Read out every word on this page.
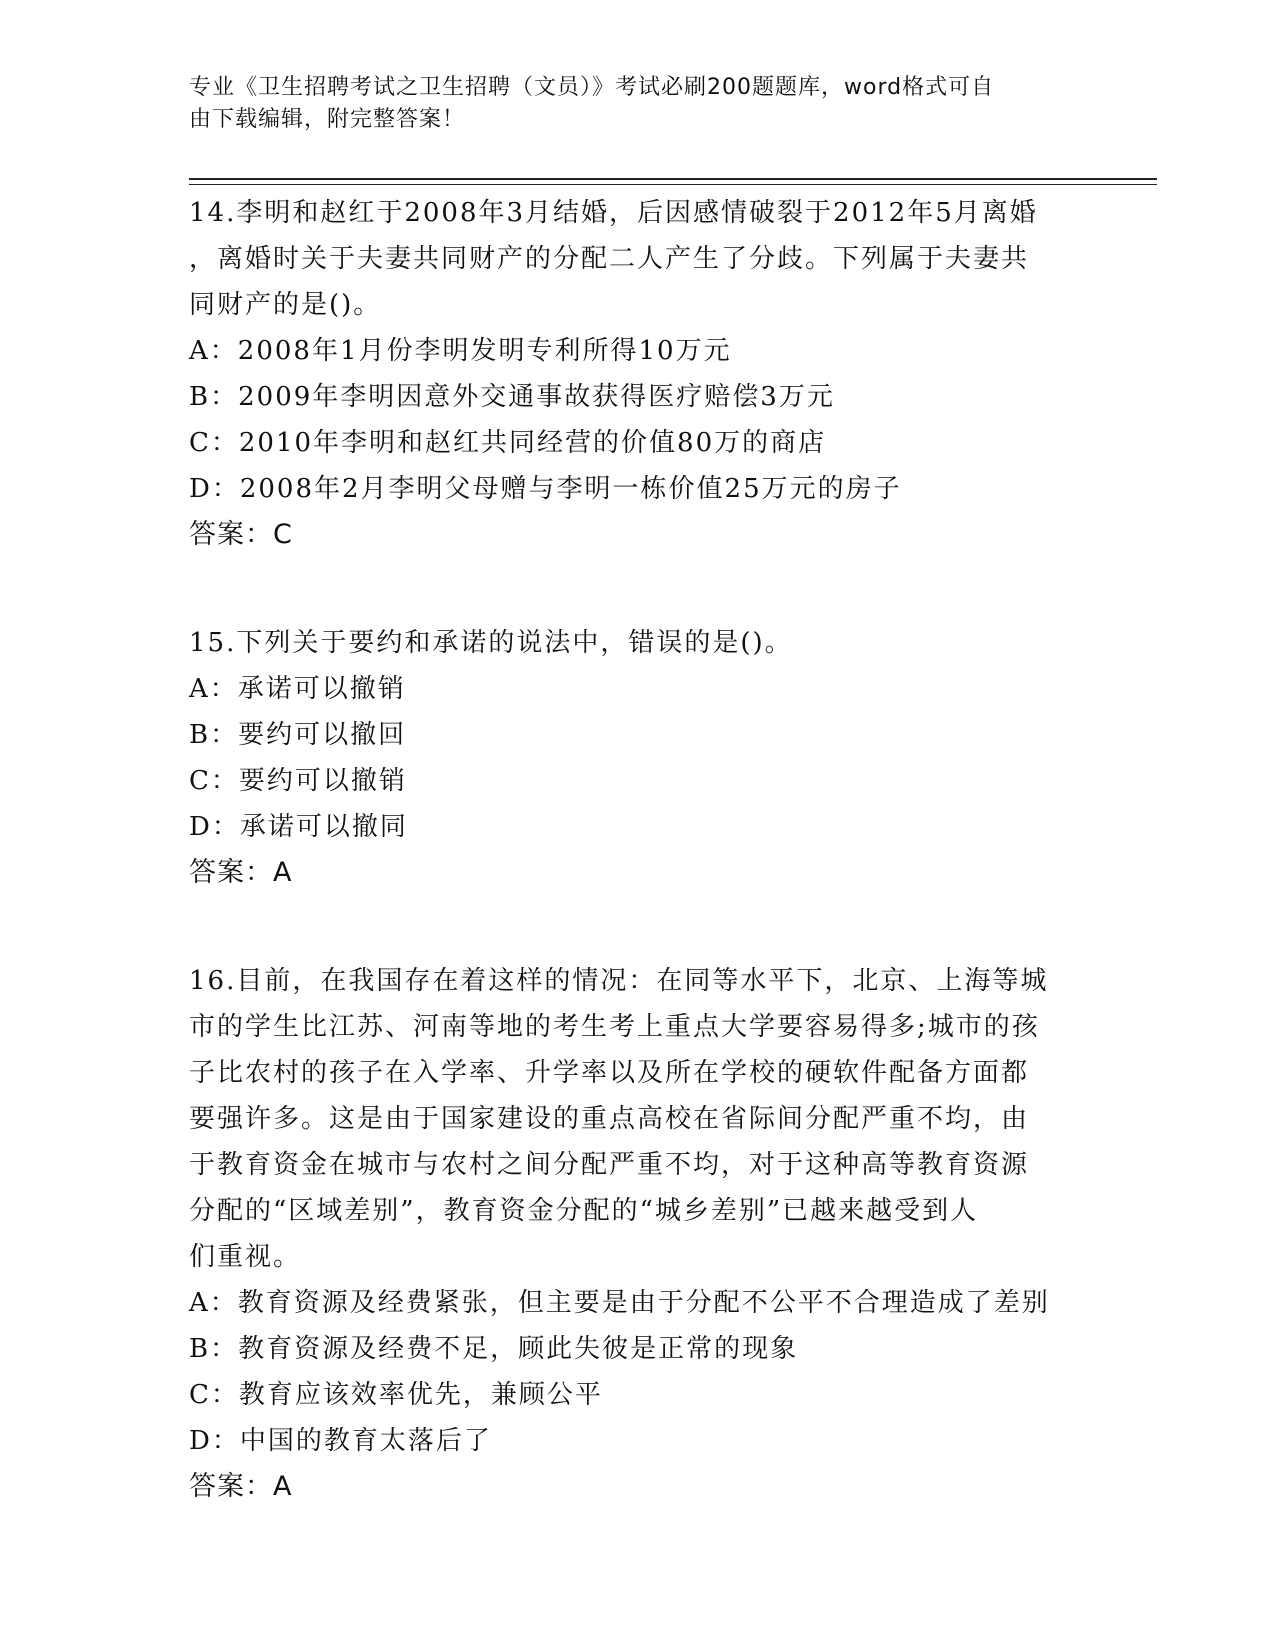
专业《卫生招聘考试之卫生招聘（文员）》考试必刷200题题库，word格式可自
由下载编辑，附完整答案！
14.李明和赵红于2008年3月结婚，后因感情破裂于2012年5月离婚
，离婚时关于夫妻共同财产的分配二人产生了分歧。下列属于夫妻共
同财产的是()。
A：2008年1月份李明发明专利所得10万元
B：2009年李明因意外交通事故获得医疗赔偿3万元
C：2010年李明和赵红共同经营的价值80万的商店
D：2008年2月李明父母赠与李明一栋价值25万元的房子
答案：C
15.下列关于要约和承诺的说法中，错误的是()。
A：承诺可以撤销
B：要约可以撤回
C：要约可以撤销
D：承诺可以撤同
答案：A
16.目前，在我国存在着这样的情况：在同等水平下，北京、上海等城
市的学生比江苏、河南等地的考生考上重点大学要容易得多;城市的孩
子比农村的孩子在入学率、升学率以及所在学校的硬软件配备方面都
要强许多。这是由于国家建设的重点高校在省际间分配严重不均，由
于教育资金在城市与农村之间分配严重不均，对于这种高等教育资源
分配的“区域差别”，教育资金分配的“城乡差别”已越来越受到人
们重视。
A：教育资源及经费紧张，但主要是由于分配不公平不合理造成了差别
B：教育资源及经费不足，顾此失彼是正常的现象
C：教育应该效率优先，兼顾公平
D：中国的教育太落后了
答案：A
